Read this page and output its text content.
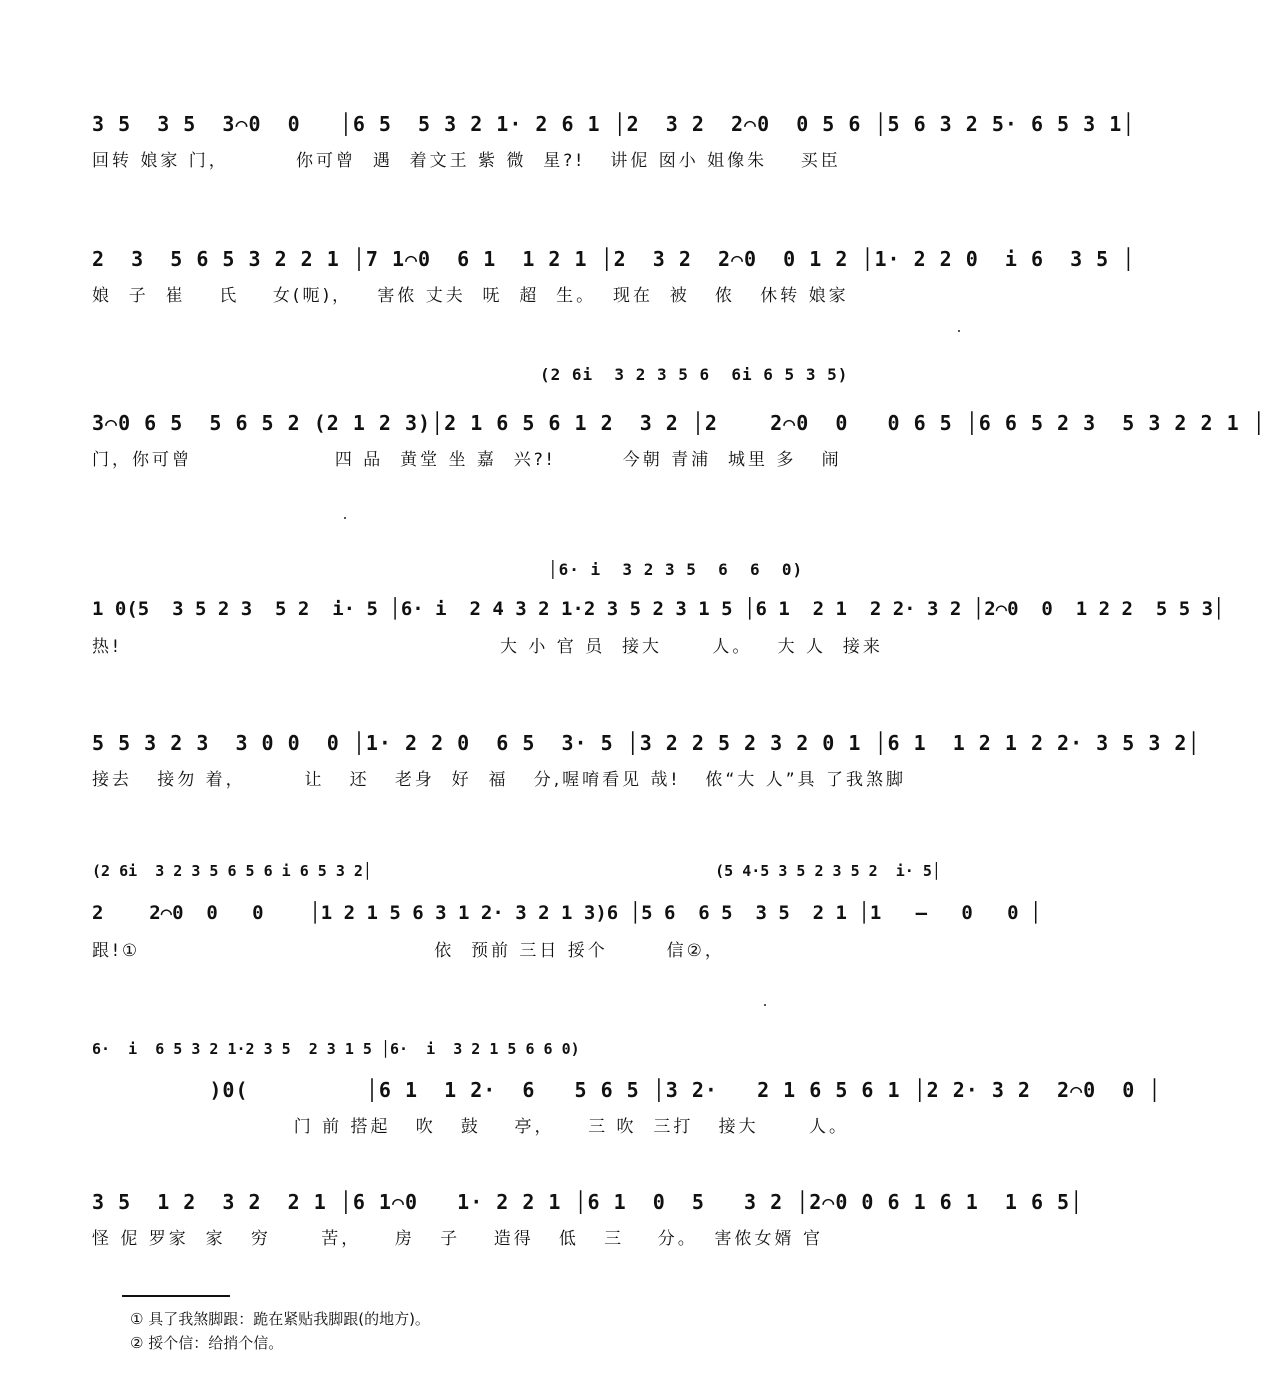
3 5  3 5  3⌒0  0   │6 5  5 3 2 1· 2 6 1 │2  3 2  2⌒0  0 5 6 │5 6 3 2 5· 6 5 3 1│
回转 娘家 门，        你可曾  遇  着文王 紫 微  星?!   讲伲 囡小 姐像朱    买臣
2  3  5 6 5 3 2 2 1 │7 1⌒0  6 1  1 2 1 │2  3 2  2⌒0  0 1 2 │1· 2 2 0  i 6  3 5 │
娘  子  崔    氏    女(呃)，   害侬 丈夫  呒  超  生。  现在  被   侬   休转 娘家
(2 6i  3 2 3 5 6  6i 6 5 3 5)
3⌒0 6 5  5 6 5 2 (2 1 2 3)│2 1 6 5 6 1 2  3 2 │2    2⌒0  0   0 6 5 │6 6 5 2 3  5 3 2 2 1 │
门，你可曾                 四 品  黄堂 坐 嘉  兴?!        今朝 青浦  城里 多   闹
│6· i  3 2 3 5  6  6  0)
1 0(5  3 5 2 3  5 2  i· 5 │6· i  2 4 3 2 1·2 3 5 2 3 1 5 │6 1  2 1  2 2· 3 2 │2⌒0  0  1 2 2  5 5 3│
热!                                             大 小 官 员  接大      人。   大 人  接来
5 5 3 2 3  3 0 0  0 │1· 2 2 0  6 5  3· 5 │3 2 2 5 2 3 2 0 1 │6 1  1 2 1 2 2· 3 5 3 2│
接去   接勿 着，       让   还   老身  好  福   分,喔唷看见 哉!   侬“大 人”具 了我煞脚
(2 6i  3 2 3 5 6 5 6 i 6 5 3 2│                                      (5 4·5 3 5 2 3 5 2  i· 5│
2    2⌒0  0   0    │1 2 1 5 6 3 1 2· 3 2 1 3)6 │5 6  6 5  3 5  2 1 │1   –   0   0 │
跟!①                                   依  预前 三日 挼个       信②，
6·  i  6 5 3 2 1·2 3 5  2 3 1 5 │6·  i  3 2 1 5 6 6 0)
)0(         │6 1  1 2·  6   5 6 5 │3 2·   2 1 6 5 6 1 │2 2· 3 2  2⌒0  0 │
门 前 搭起   吹   鼓    亭，    三 吹  三打   接大      人。
3 5  1 2  3 2  2 1 │6 1⌒0   1· 2 2 1 │6 1  0  5   3 2 │2⌒0 0 6 1 6 1  1 6 5│
怪 伲 罗家  家   穷      苦，    房   子    造得   低   三    分。  害侬女婿 官
① 具了我煞脚跟：跪在紧贴我脚跟(的地方)。
② 挼个信：给捎个信。
